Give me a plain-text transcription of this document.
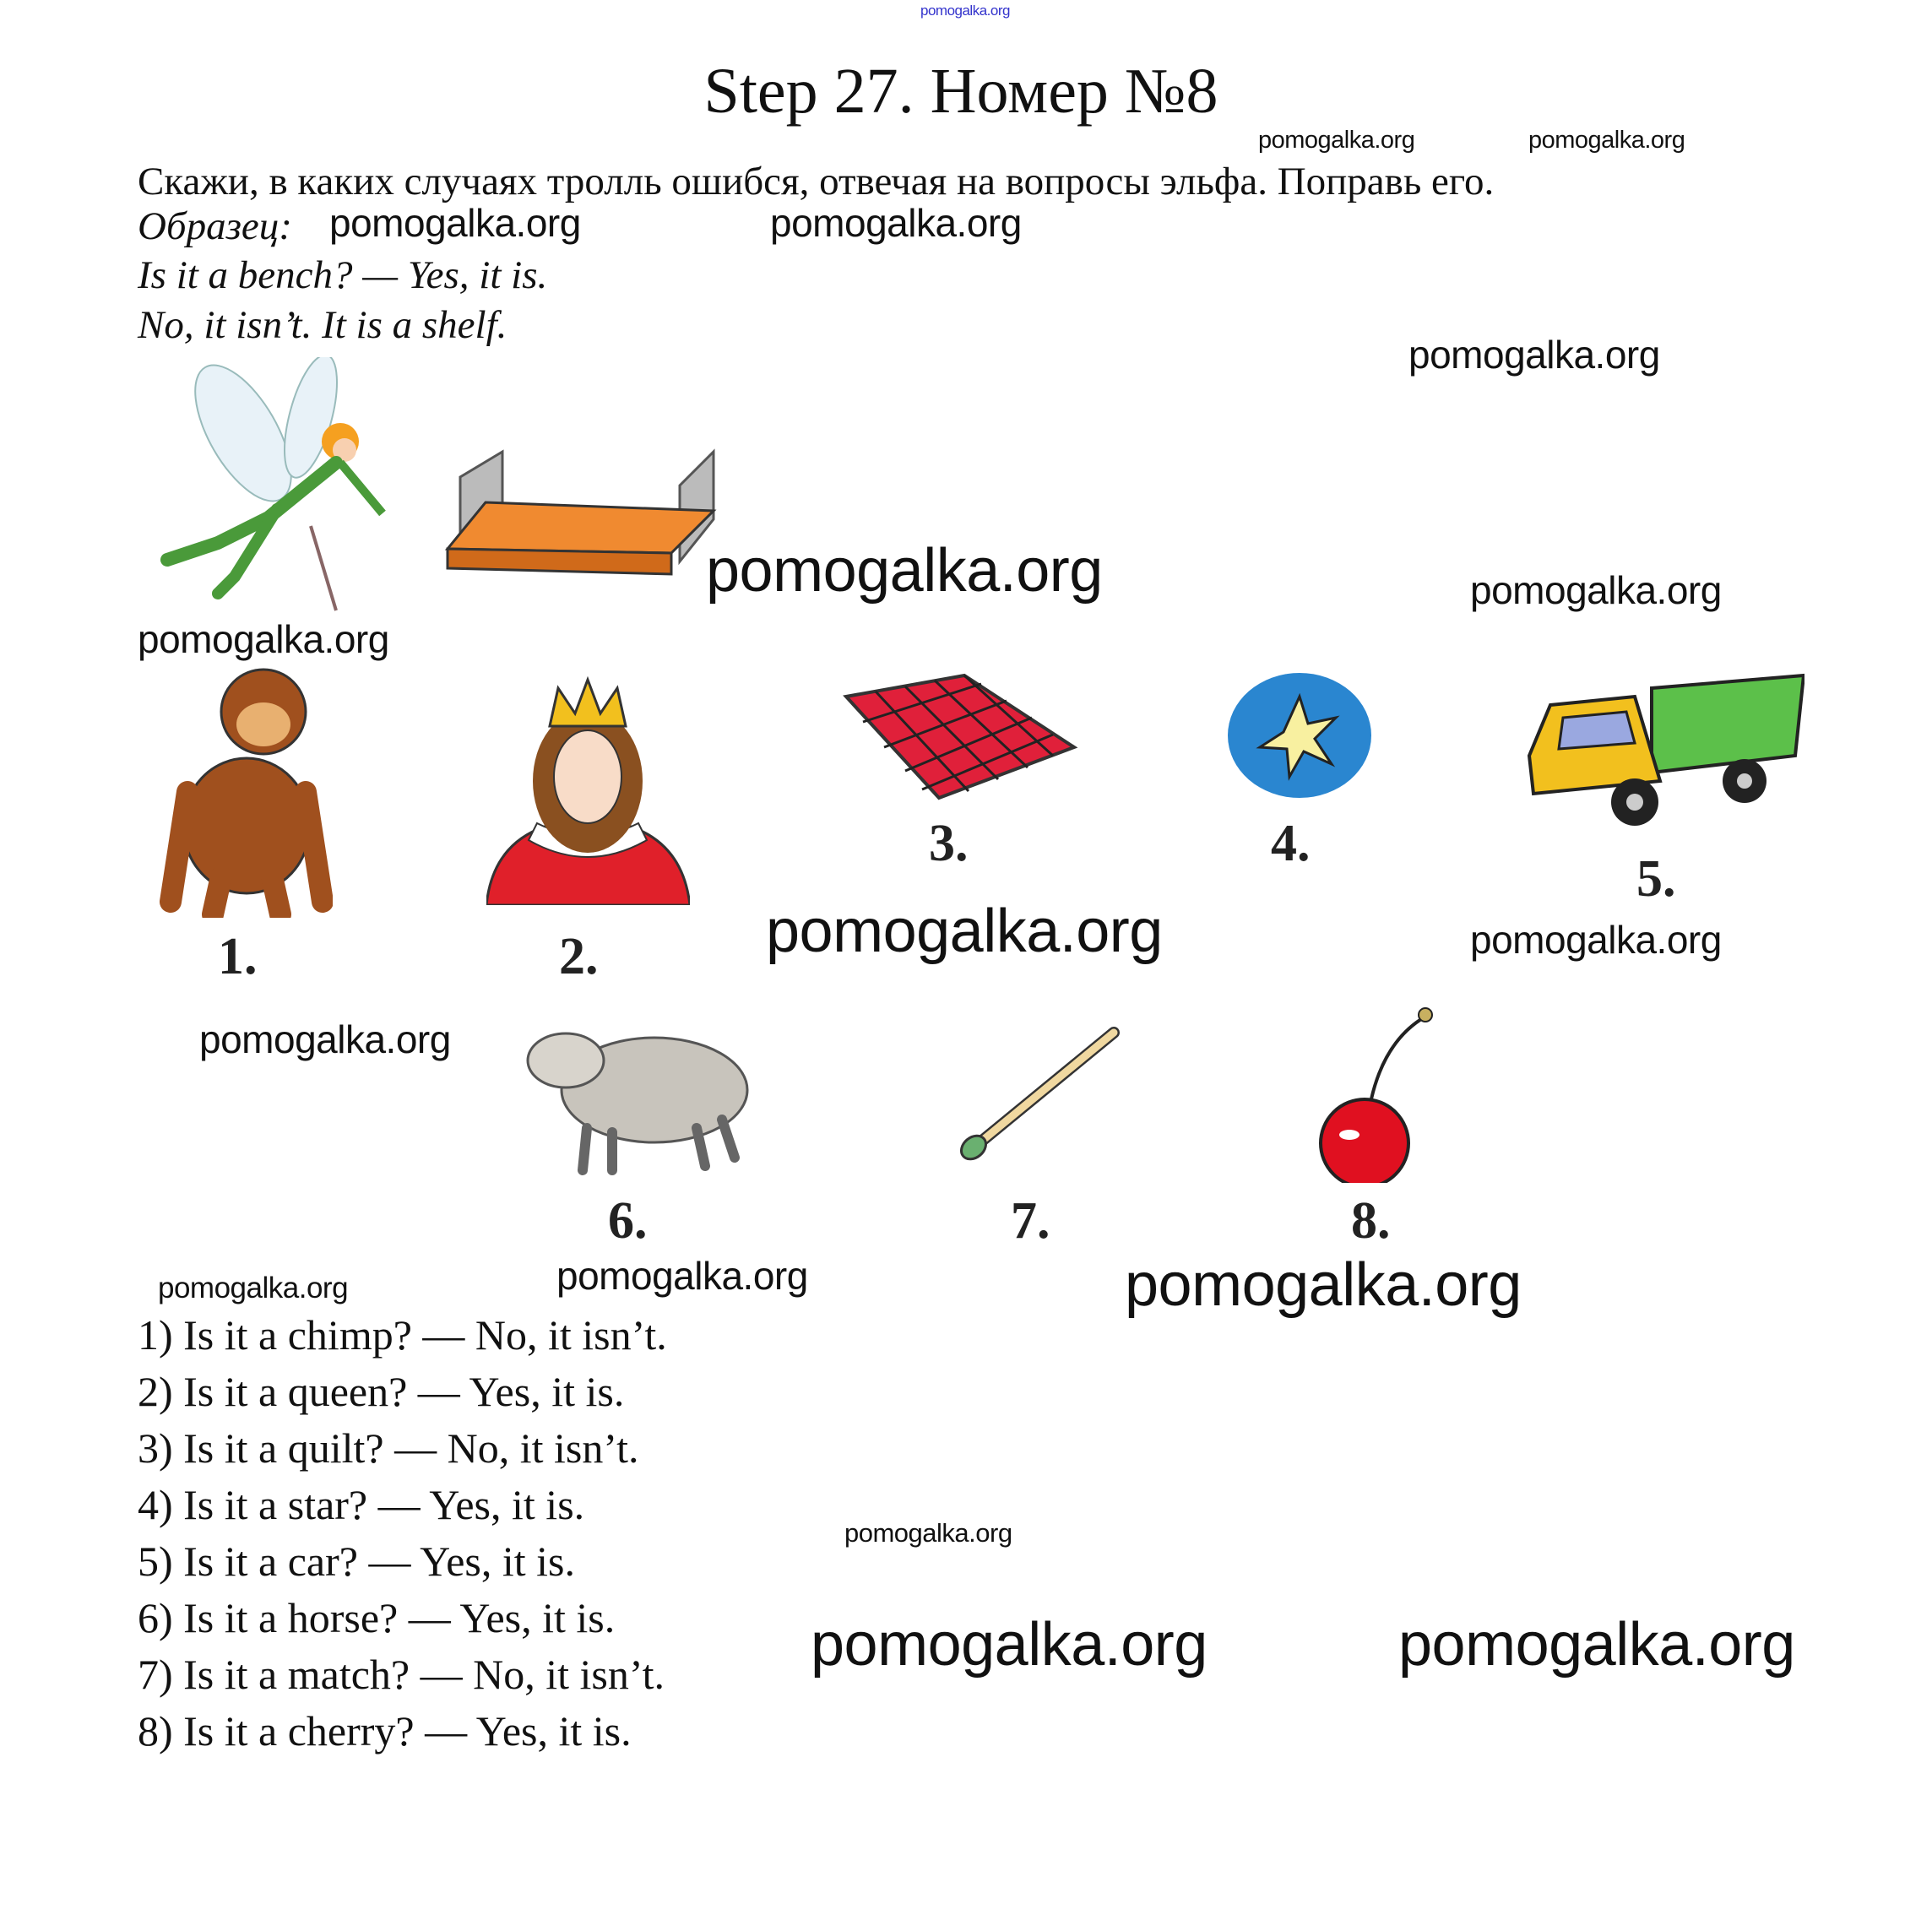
pomogalka.org
pomogalka.org	pomogalka.org
pomogalka.org	pomogalka.org
pomogalka.org
pomogalka.org	pomogalka.org
pomogalka.org
pomogalka.org	pomogalka.org
pomogalka.org
pomogalka.org	pomogalka.org
pomogalka.org
pomogalka.org
pomogalka.org	pomogalka.org
Step 27. Номер №8
Скажи, в каких случаях тролль ошибся, отвечая на вопросы эльфа. Поправь его.
Образец:
Is it a bench? — Yes, it is.
No, it isn’t. It is a shelf.
1.	2.
3.	4.
5.
6.	7.	8.
1) Is it a chimp? — No, it isn’t.
2) Is it a queen? — Yes, it is.
3) Is it a quilt? — No, it isn’t.
4) Is it a star? — Yes, it is.
5) Is it a car? — Yes, it is.
6) Is it a horse? — Yes, it is.
7) Is it a match? — No, it isn’t.
8) Is it a cherry? — Yes, it is.
